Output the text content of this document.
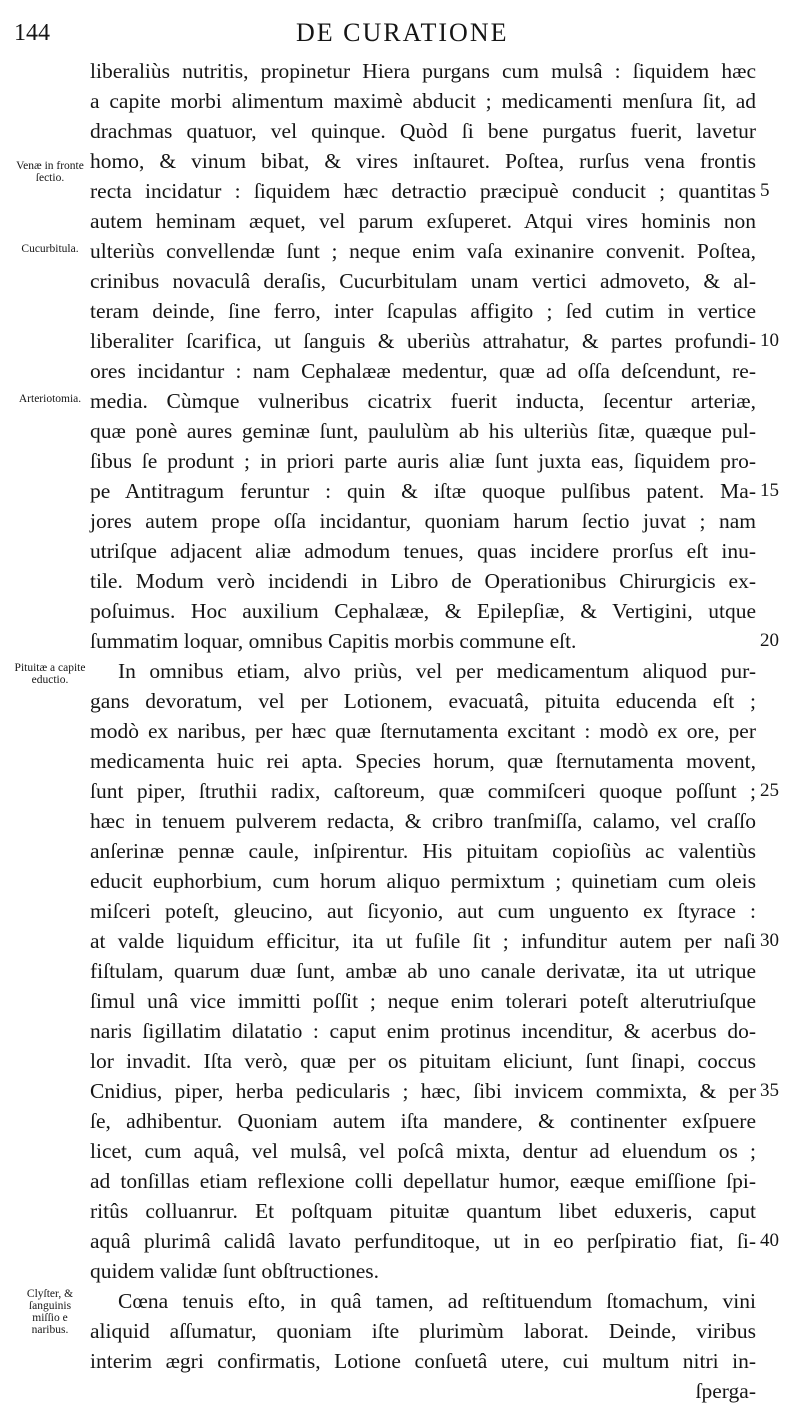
144	DE CURATIONE
liberaliùs nutritis, propinetur Hiera purgans cum mulsâ : ſiquidem hæc
a capite morbi alimentum maximè abducit ; medicamenti menſura ſit, ad
drachmas quatuor, vel quinque. Quòd ſi bene purgatus fuerit, lavetur
homo, & vinum bibat, & vires inſtauret. Poſtea, rurſus vena frontis
recta incidatur : ſiquidem hæc detractio præcipuè conducit ; quantitas
autem heminam æquet, vel parum exſuperet. Atqui vires hominis non
ulteriùs convellendæ ſunt ; neque enim vaſa exinanire convenit. Poſtea,
crinibus novaculâ deraſis, Cucurbitulam unam vertici admoveto, & al-
teram deinde, ſine ferro, inter ſcapulas affigito ; ſed cutim in vertice
liberaliter ſcarifica, ut ſanguis & uberiùs attrahatur, & partes profundi-
ores incidantur : nam Cephalææ medentur, quæ ad oſſa deſcendunt, re-
media. Cùmque vulneribus cicatrix fuerit inducta, ſecentur arteriæ,
quæ ponè aures geminæ ſunt, paululùm ab his ulteriùs ſitæ, quæque pul-
ſibus ſe produnt ; in priori parte auris aliæ ſunt juxta eas, ſiquidem pro-
pe Antitragum feruntur : quin & iſtæ quoque pulſibus patent. Ma-
jores autem prope oſſa incidantur, quoniam harum ſectio juvat ; nam
utriſque adjacent aliæ admodum tenues, quas incidere prorſus eſt inu-
tile. Modum verò incidendi in Libro de Operationibus Chirurgicis ex-
poſuimus. Hoc auxilium Cephalææ, & Epilepſiæ, & Vertigini, utque
ſummatim loquar, omnibus Capitis morbis commune eſt.
In omnibus etiam, alvo priùs, vel per medicamentum aliquod pur-
gans devoratum, vel per Lotionem, evacuatâ, pituita educenda eſt ;
modò ex naribus, per hæc quæ ſternutamenta excitant : modò ex ore, per
medicamenta huic rei apta. Species horum, quæ ſternutamenta movent,
ſunt piper, ſtruthii radix, caſtoreum, quæ commiſceri quoque poſſunt ;
hæc in tenuem pulverem redacta, & cribro tranſmiſſa, calamo, vel craſſo
anſerinæ pennæ caule, inſpirentur. His pituitam copioſiùs ac valentiùs
educit euphorbium, cum horum aliquo permixtum ; quinetiam cum oleis
miſceri poteſt, gleucino, aut ſicyonio, aut cum unguento ex ſtyrace :
at valde liquidum efficitur, ita ut fuſile ſit ; infunditur autem per naſi
fiſtulam, quarum duæ ſunt, ambæ ab uno canale derivatæ, ita ut utrique
ſimul unâ vice immitti poſſit ; neque enim tolerari poteſt alterutriuſque
naris ſigillatim dilatatio : caput enim protinus incenditur, & acerbus do-
lor invadit. Iſta verò, quæ per os pituitam eliciunt, ſunt ſinapi, coccus
Cnidius, piper, herba pedicularis ; hæc, ſibi invicem commixta, & per
ſe, adhibentur. Quoniam autem iſta mandere, & continenter exſpuere
licet, cum aquâ, vel mulsâ, vel poſcâ mixta, dentur ad eluendum os ;
ad tonſillas etiam reflexione colli depellatur humor, eæque emiſſione ſpi-
ritûs colluanrur. Et poſtquam pituitæ quantum libet eduxeris, caput
aquâ plurimâ calidâ lavato perfunditoque, ut in eo perſpiratio fiat, ſi-
quidem validæ ſunt obſtructiones.
Cœna tenuis eſto, in quâ tamen, ad reſtituendum ſtomachum, vini
aliquid aſſumatur, quoniam iſte plurimùm laborat. Deinde, viribus
interim ægri confirmatis, Lotione conſuetâ utere, cui multum nitri in-
ſperga-
Venæ in fronte ſectio.
Cucurbitula.
Arteriotomia.
Pituitæ a capite eductio.
Clyſter, & ſanguinis miſſio e naribus.
5
10
15
20
25
30
35
40
